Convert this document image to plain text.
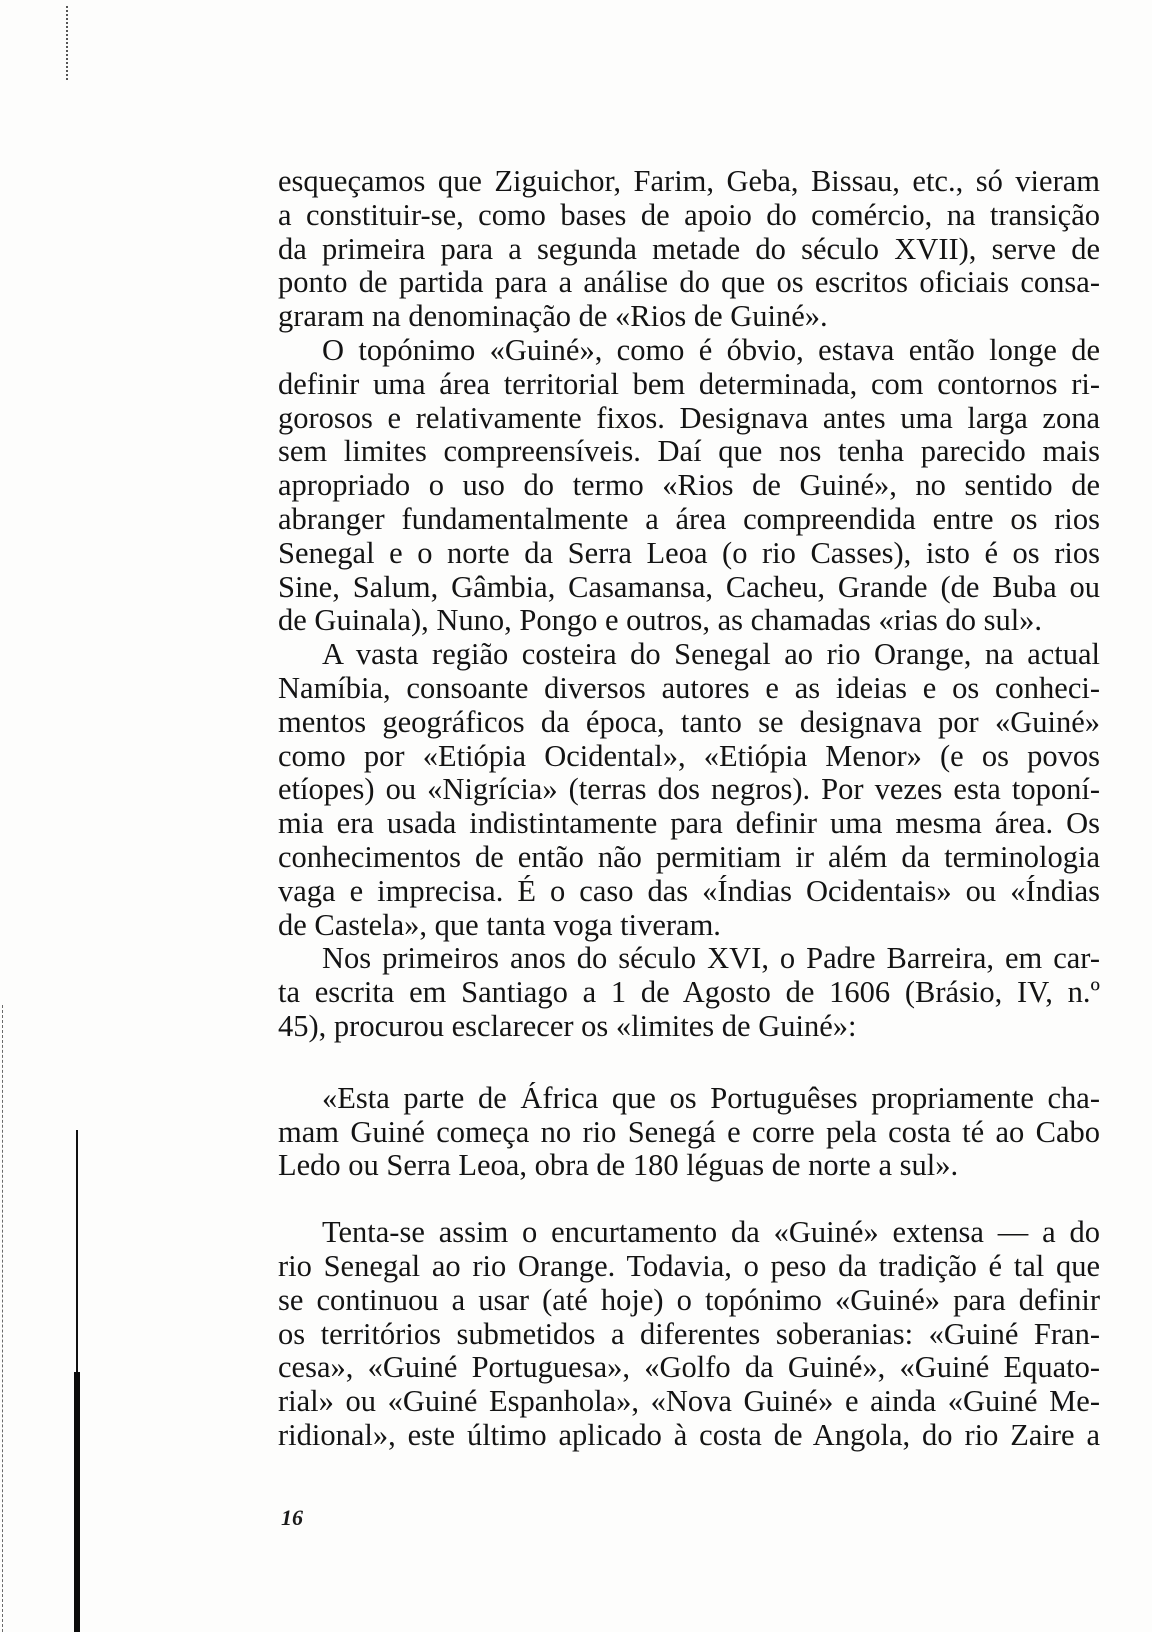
esqueçamos que Ziguichor, Farim, Geba, Bissau, etc., só vieram
a constituir-se, como bases de apoio do comércio, na transição
da primeira para a segunda metade do século XVII), serve de
ponto de partida para a análise do que os escritos oficiais consa-
graram na denominação de «Rios de Guiné».
O topónimo «Guiné», como é óbvio, estava então longe de
definir uma área territorial bem determinada, com contornos ri-
gorosos e relativamente fixos. Designava antes uma larga zona
sem limites compreensíveis. Daí que nos tenha parecido mais
apropriado o uso do termo «Rios de Guiné», no sentido de
abranger fundamentalmente a área compreendida entre os rios
Senegal e o norte da Serra Leoa (o rio Casses), isto é os rios
Sine, Salum, Gâmbia, Casamansa, Cacheu, Grande (de Buba ou
de Guinala), Nuno, Pongo e outros, as chamadas «rias do sul».
A vasta região costeira do Senegal ao rio Orange, na actual
Namíbia, consoante diversos autores e as ideias e os conheci-
mentos geográficos da época, tanto se designava por «Guiné»
como por «Etiópia Ocidental», «Etiópia Menor» (e os povos
etíopes) ou «Nigrícia» (terras dos negros). Por vezes esta toponí-
mia era usada indistintamente para definir uma mesma área. Os
conhecimentos de então não permitiam ir além da terminologia
vaga e imprecisa. É o caso das «Índias Ocidentais» ou «Índias
de Castela», que tanta voga tiveram.
Nos primeiros anos do século XVI, o Padre Barreira, em car-
ta escrita em Santiago a 1 de Agosto de 1606 (Brásio, IV, n.º
45), procurou esclarecer os «limites de Guiné»:
«Esta parte de África que os Portuguêses propriamente cha-
mam Guiné começa no rio Senegá e corre pela costa té ao Cabo
Ledo ou Serra Leoa, obra de 180 léguas de norte a sul».
Tenta-se assim o encurtamento da «Guiné» extensa — a do
rio Senegal ao rio Orange. Todavia, o peso da tradição é tal que
se continuou a usar (até hoje) o topónimo «Guiné» para definir
os territórios submetidos a diferentes soberanias: «Guiné Fran-
cesa», «Guiné Portuguesa», «Golfo da Guiné», «Guiné Equato-
rial» ou «Guiné Espanhola», «Nova Guiné» e ainda «Guiné Me-
ridional», este último aplicado à costa de Angola, do rio Zaire a
16
